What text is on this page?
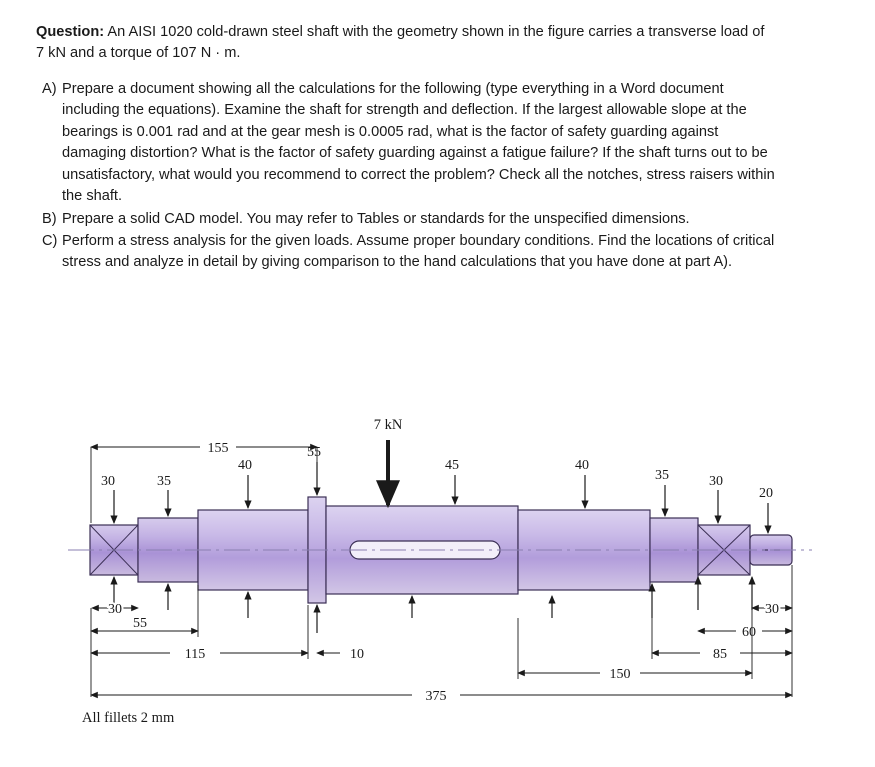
Question: An AISI 1020 cold-drawn steel shaft with the geometry shown in the figure carries a transverse load of 7 kN and a torque of 107 N · m.

A) Prepare a document showing all the calculations for the following (type everything in a Word document including the equations). Examine the shaft for strength and deflection. If the largest allowable slope at the bearings is 0.001 rad and at the gear mesh is 0.0005 rad, what is the factor of safety guarding against damaging distortion? What is the factor of safety guarding against a fatigue failure? If the shaft turns out to be unsatisfactory, what would you recommend to correct the problem? Check all the notches, stress raisers within the shaft.
B) Prepare a solid CAD model. You may refer to Tables or standards for the unspecified dimensions.
C) Perform a stress analysis for the given loads. Assume proper boundary conditions. Find the locations of critical stress and analyze in detail by giving comparison to the hand calculations that you have done at part A).
7 kN
30	35
40
55
45	40
35	30
20
155
30
55
115	10
150
85
60
30
375
All fillets 2 mm
